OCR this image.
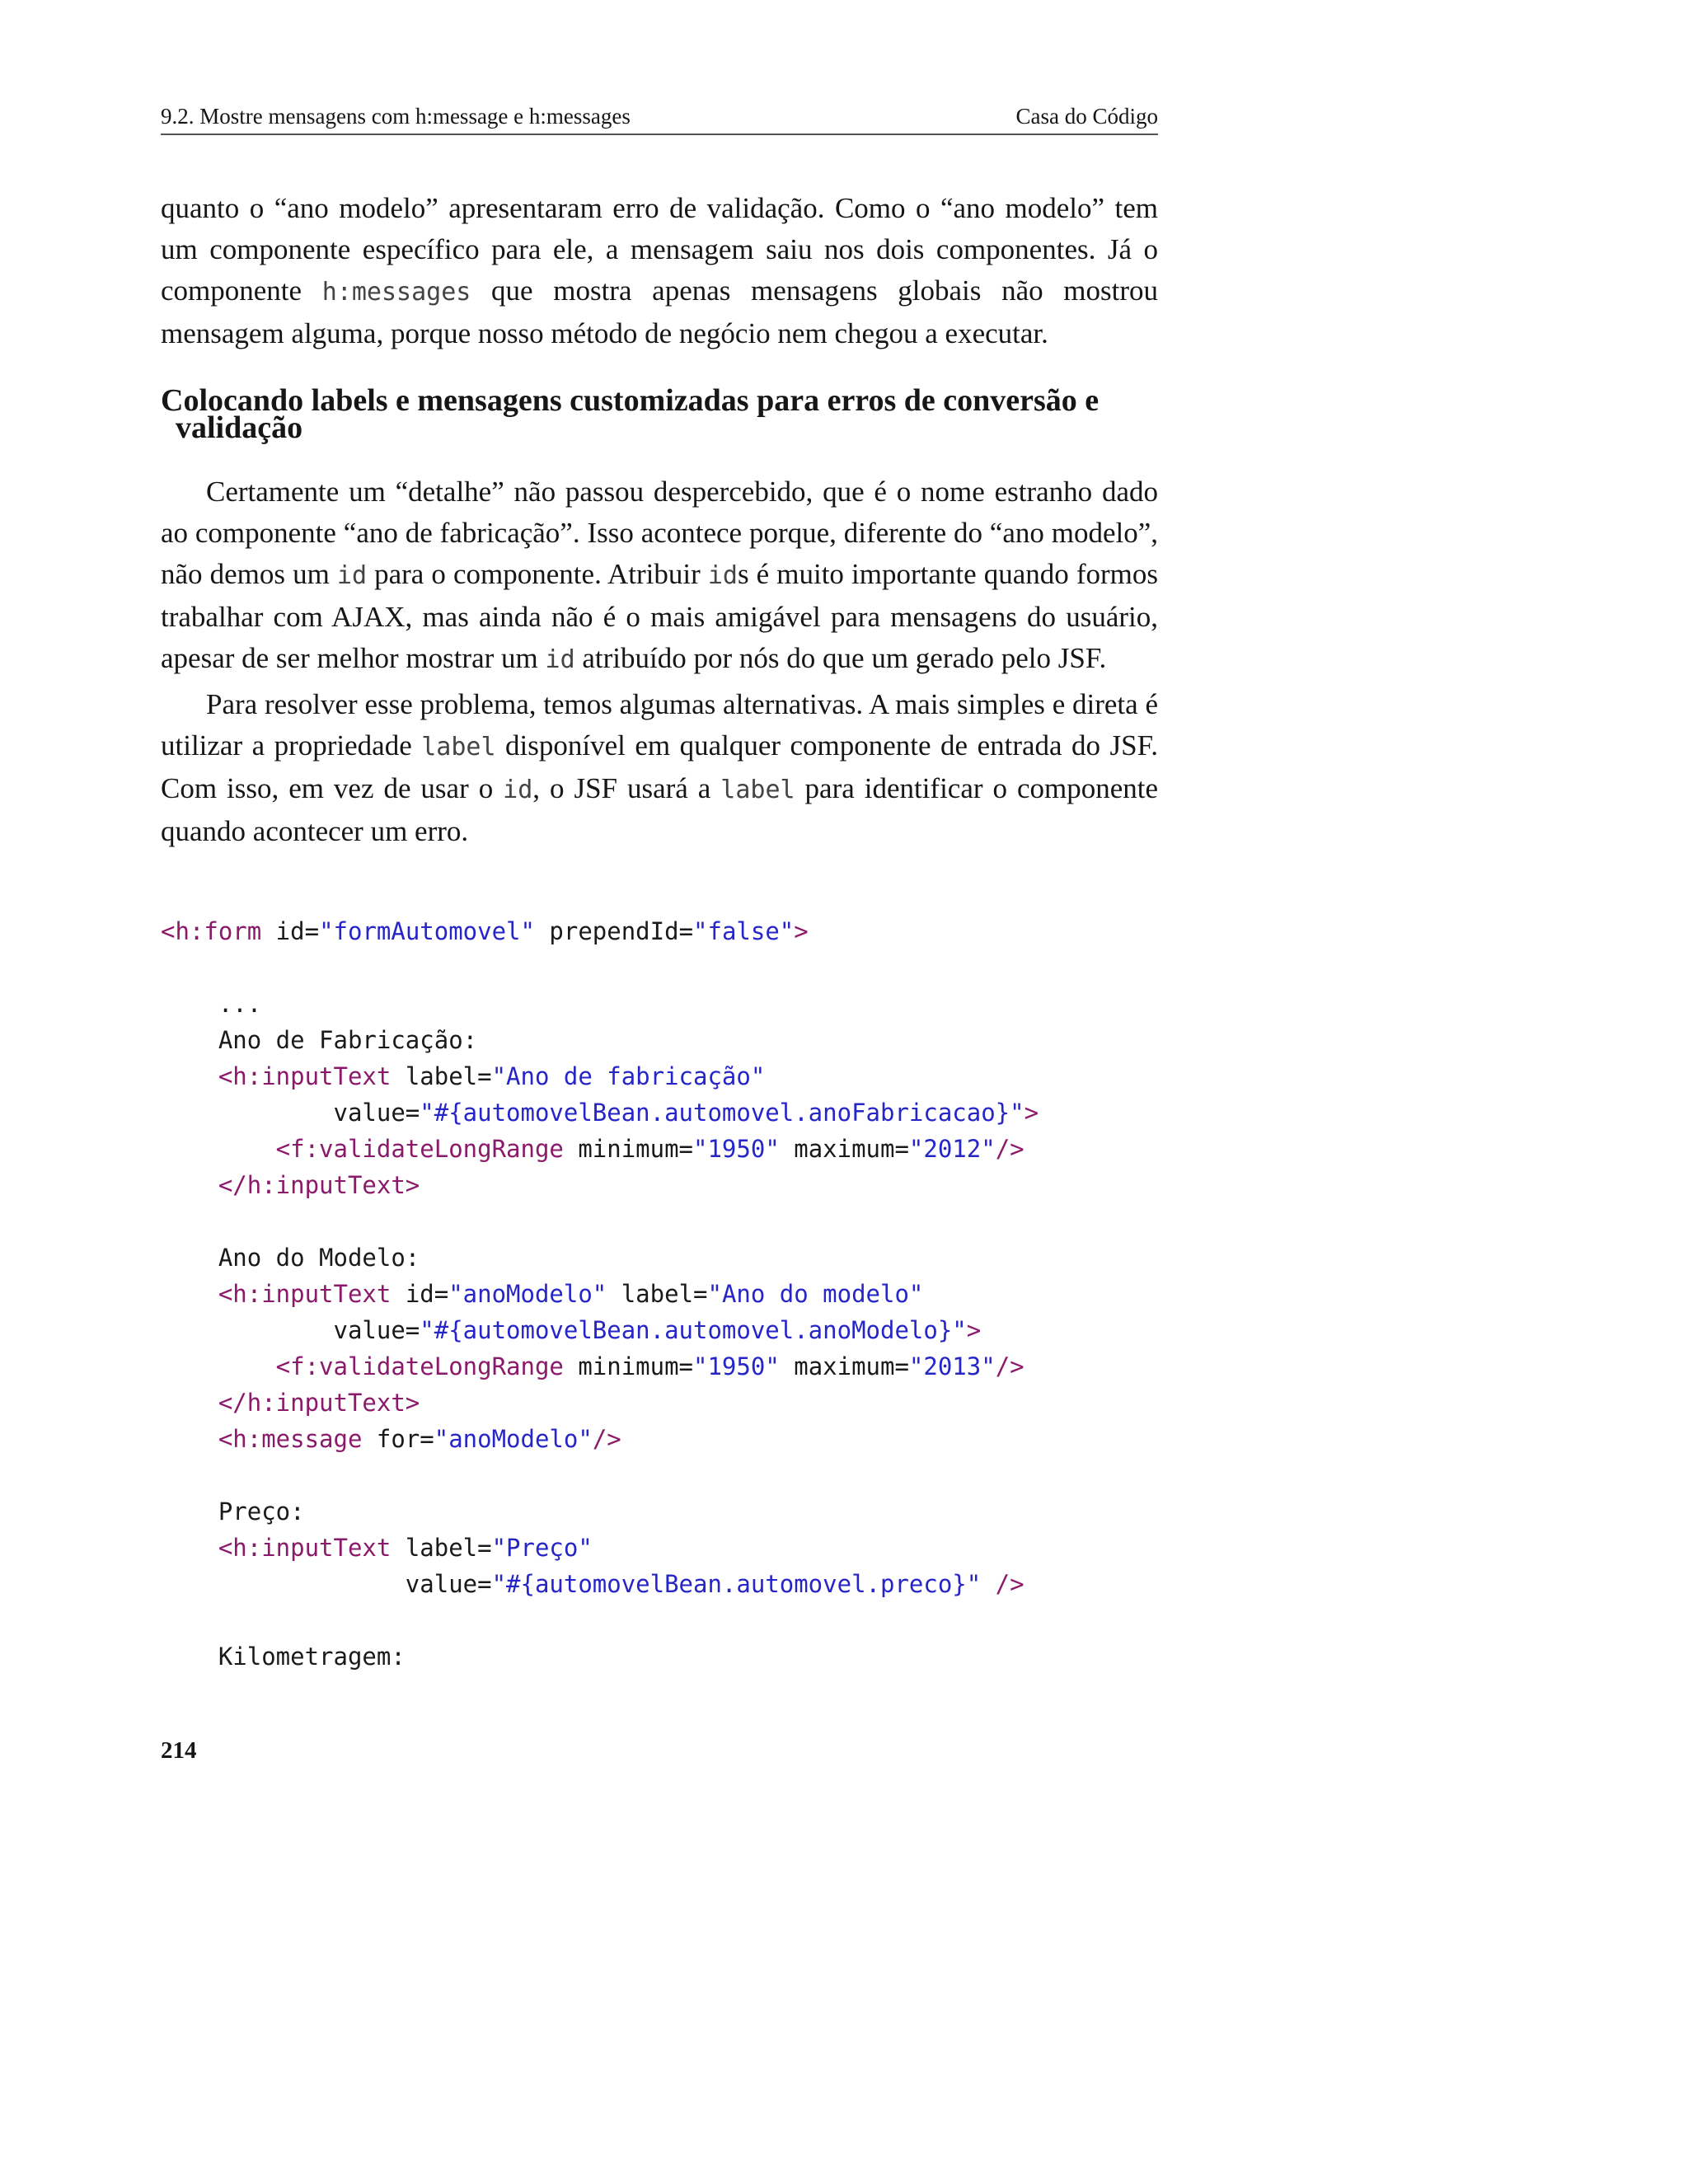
9.2. Mostre mensagens com h:message e h:messages	Casa do Código

quanto o “ano modelo” apresentaram erro de validação. Como o “ano modelo” tem um componente específico para ele, a mensagem saiu nos dois componentes. Já o componente h:messages que mostra apenas mensagens globais não mostrou mensagem alguma, porque nosso método de negócio nem chegou a executar.

Colocando labels e mensagens customizadas para erros de conversão e
validação

Certamente um “detalhe” não passou despercebido, que é o nome estranho dado ao componente “ano de fabricação”. Isso acontece porque, diferente do “ano modelo”, não demos um id para o componente. Atribuir ids é muito importante quando formos trabalhar com AJAX, mas ainda não é o mais amigável para mensagens do usuário, apesar de ser melhor mostrar um id atribuído por nós do que um gerado pelo JSF.

Para resolver esse problema, temos algumas alternativas. A mais simples e direta é utilizar a propriedade label disponível em qualquer componente de entrada do JSF. Com isso, em vez de usar o id, o JSF usará a label para identificar o componente quando acontecer um erro.

<h:form id="formAutomovel" prependId="false">

...
Ano de Fabricação:
<h:inputText label="Ano de fabricação"
value="#{automovelBean.automovel.anoFabricacao}">
<f:validateLongRange minimum="1950" maximum="2012"/>
</h:inputText>

Ano do Modelo:
<h:inputText id="anoModelo" label="Ano do modelo"
value="#{automovelBean.automovel.anoModelo}">
<f:validateLongRange minimum="1950" maximum="2013"/>
</h:inputText>
<h:message for="anoModelo"/>

Preço:
<h:inputText label="Preço"
value="#{automovelBean.automovel.preco}" />

Kilometragem:
214
